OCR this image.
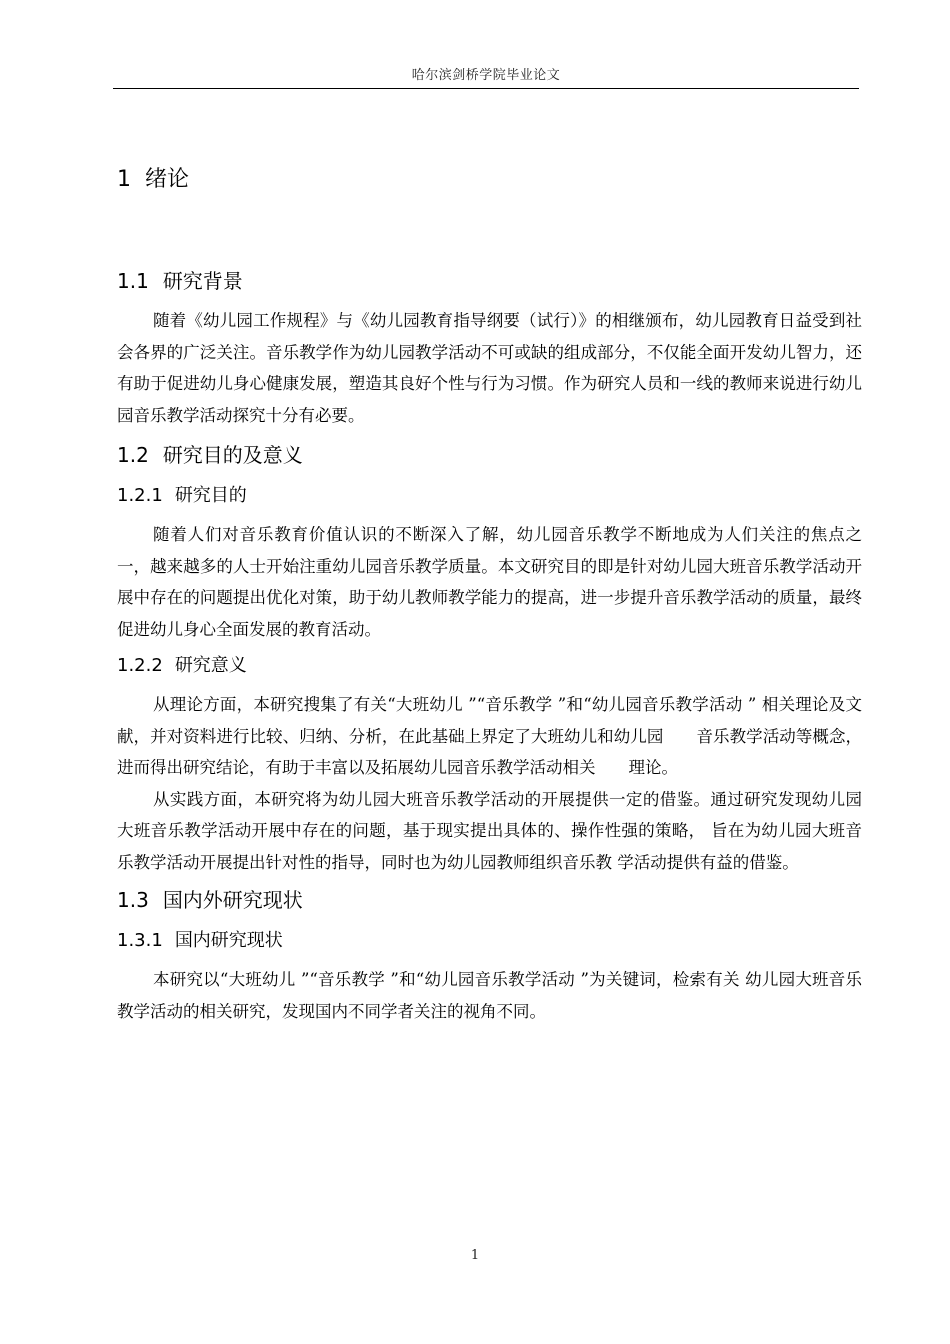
哈尔滨剑桥学院毕业论文
1 绪论
1.1 研究背景

随着《幼儿园工作规程》与《幼儿园教育指导纲要（试行）》的相继颁布，幼儿园教育日益受到社会各界的广泛关注。音乐教学作为幼儿园教学活动不可或缺的组成部分，不仅能全面开发幼儿智力，还有助于促进幼儿身心健康发展，塑造其良好个性与行为习惯。作为研究人员和一线的教师来说进行幼儿园音乐教学活动探究十分有必要。

1.2 研究目的及意义
1.2.1 研究目的

随着人们对音乐教育价值认识的不断深入了解，幼儿园音乐教学不断地成为人们关注的焦点之一，越来越多的人士开始注重幼儿园音乐教学质量。本文研究目的即是针对幼儿园大班音乐教学活动开展中存在的问题提出优化对策，助于幼儿教师教学能力的提高，进一步提升音乐教学活动的质量，最终促进幼儿身心全面发展的教育活动。

1.2.2 研究意义

从理论方面，本研究搜集了有关“大班幼儿 ”“音乐教学 ”和“幼儿园音乐教学活动 ” 相关理论及文献，并对资料进行比较、归纳、分析，在此基础上界定了大班幼儿和幼儿园　　音乐教学活动等概念，进而得出研究结论，有助于丰富以及拓展幼儿园音乐教学活动相关　　理论。

从实践方面，本研究将为幼儿园大班音乐教学活动的开展提供一定的借鉴。通过研究发现幼儿园大班音乐教学活动开展中存在的问题，基于现实提出具体的、操作性强的策略， 旨在为幼儿园大班音乐教学活动开展提出针对性的指导，同时也为幼儿园教师组织音乐教 学活动提供有益的借鉴。

1.3 国内外研究现状
1.3.1 国内研究现状

本研究以“大班幼儿 ”“音乐教学 ”和“幼儿园音乐教学活动 ”为关键词，检索有关 幼儿园大班音乐教学活动的相关研究，发现国内不同学者关注的视角不同。

1
